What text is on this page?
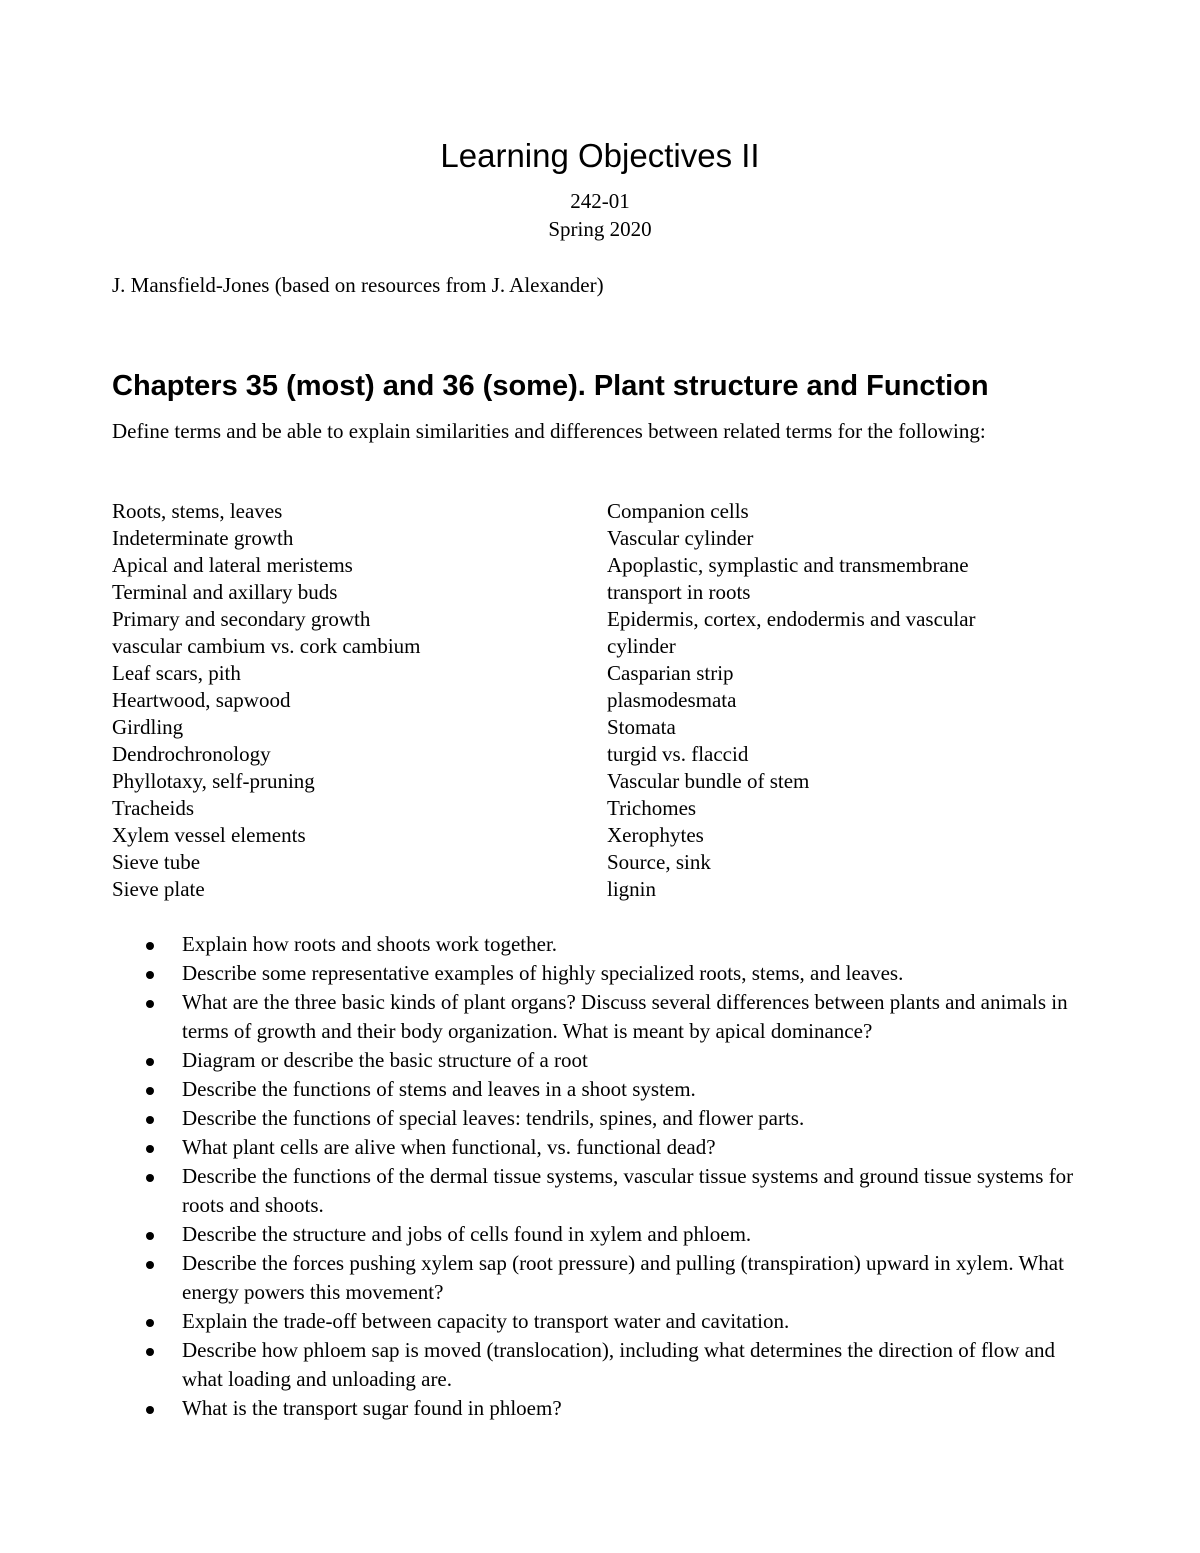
Learning Objectives II
242-01
Spring 2020
J. Mansfield-Jones (based on resources from J. Alexander)
Chapters 35 (most) and 36 (some). Plant structure and Function
Define terms and be able to explain similarities and differences between related terms for the following:
Roots, stems, leaves
Indeterminate growth
Apical and lateral meristems
Terminal and axillary buds
Primary and secondary growth
vascular cambium vs. cork cambium
Leaf scars, pith
Heartwood, sapwood
Girdling
Dendrochronology
Phyllotaxy, self-pruning
Tracheids
Xylem vessel elements
Sieve tube
Sieve plate
Companion cells
Vascular cylinder
Apoplastic, symplastic and transmembrane
transport in roots
Epidermis, cortex, endodermis and vascular
cylinder
Casparian strip
plasmodesmata
Stomata
turgid vs. flaccid
Vascular bundle of stem
Trichomes
Xerophytes
Source, sink
lignin
Explain how roots and shoots work together.
Describe some representative examples of highly specialized roots, stems, and leaves.
What are the three basic kinds of plant organs? Discuss several differences between plants and animals in terms of growth and their body organization. What is meant by apical dominance?
Diagram or describe the basic structure of a root
Describe the functions of stems and leaves in a shoot system.
Describe the functions of special leaves: tendrils, spines, and flower parts.
What plant cells are alive when functional, vs. functional dead?
Describe the functions of the dermal tissue systems, vascular tissue systems and ground tissue systems for roots and shoots.
Describe the structure and jobs of cells found in xylem and phloem.
Describe the forces pushing xylem sap (root pressure) and pulling (transpiration) upward in xylem. What energy powers this movement?
Explain the trade-off between capacity to transport water and cavitation.
Describe how phloem sap is moved (translocation), including what determines the direction of flow and what loading and unloading are.
What is the transport sugar found in phloem?
